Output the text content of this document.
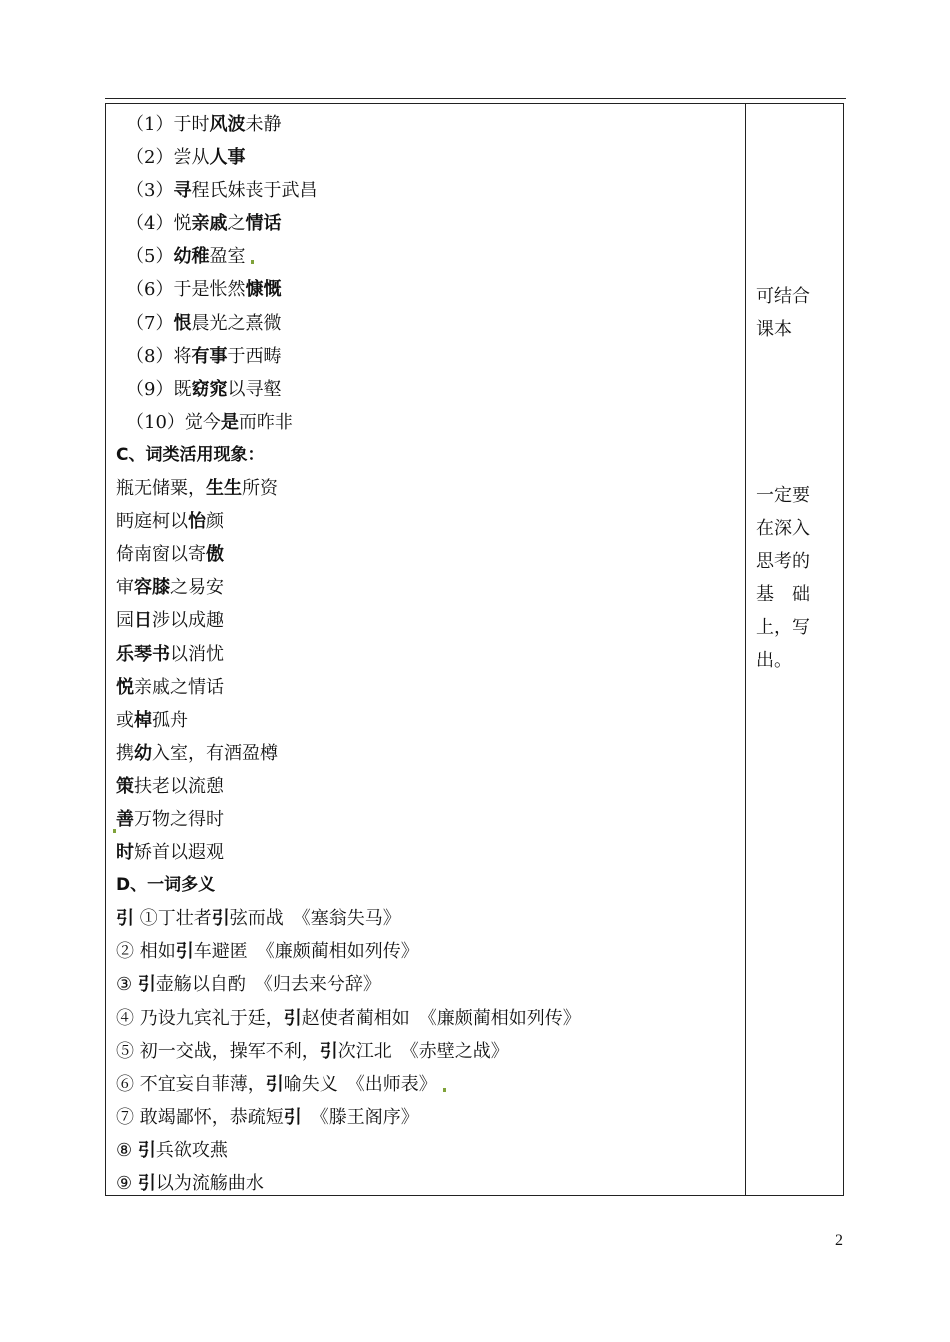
（1）于时风波未静
（2）尝从人事
（3）寻程氏妹丧于武昌
（4）悦亲戚之情话
（5）幼稚盈室
（6）于是怅然慷慨
（7）恨晨光之熹微
（8）将有事于西畴
（9）既窈窕以寻壑
（10）觉今是而昨非
C、词类活用现象：
瓶无储粟，生生所资
眄庭柯以怡颜
倚南窗以寄傲
审容膝之易安
园日涉以成趣
乐琴书以消忧
悦亲戚之情话
或棹孤舟
携幼入室，有酒盈樽
策扶老以流憩
善万物之得时
时矫首以遐观
D、一词多义
引 ①丁壮者引弦而战　《塞翁失马》
② 相如引车避匿　《廉颇蔺相如列传》
③ 引壶觞以自酌　《归去来兮辞》
④ 乃设九宾礼于廷，引赵使者蔺相如　《廉颇蔺相如列传》
⑤ 初一交战，操军不利，引次江北　《赤壁之战》
⑥ 不宜妄自菲薄，引喻失义　《出师表》
⑦ 敢竭鄙怀，恭疏短引　《滕王阁序》
⑧ 引兵欲攻燕
⑨ 引以为流觞曲水
可结合
课本
一定要
在深入
思考的
基　础
上，写
出。
2
